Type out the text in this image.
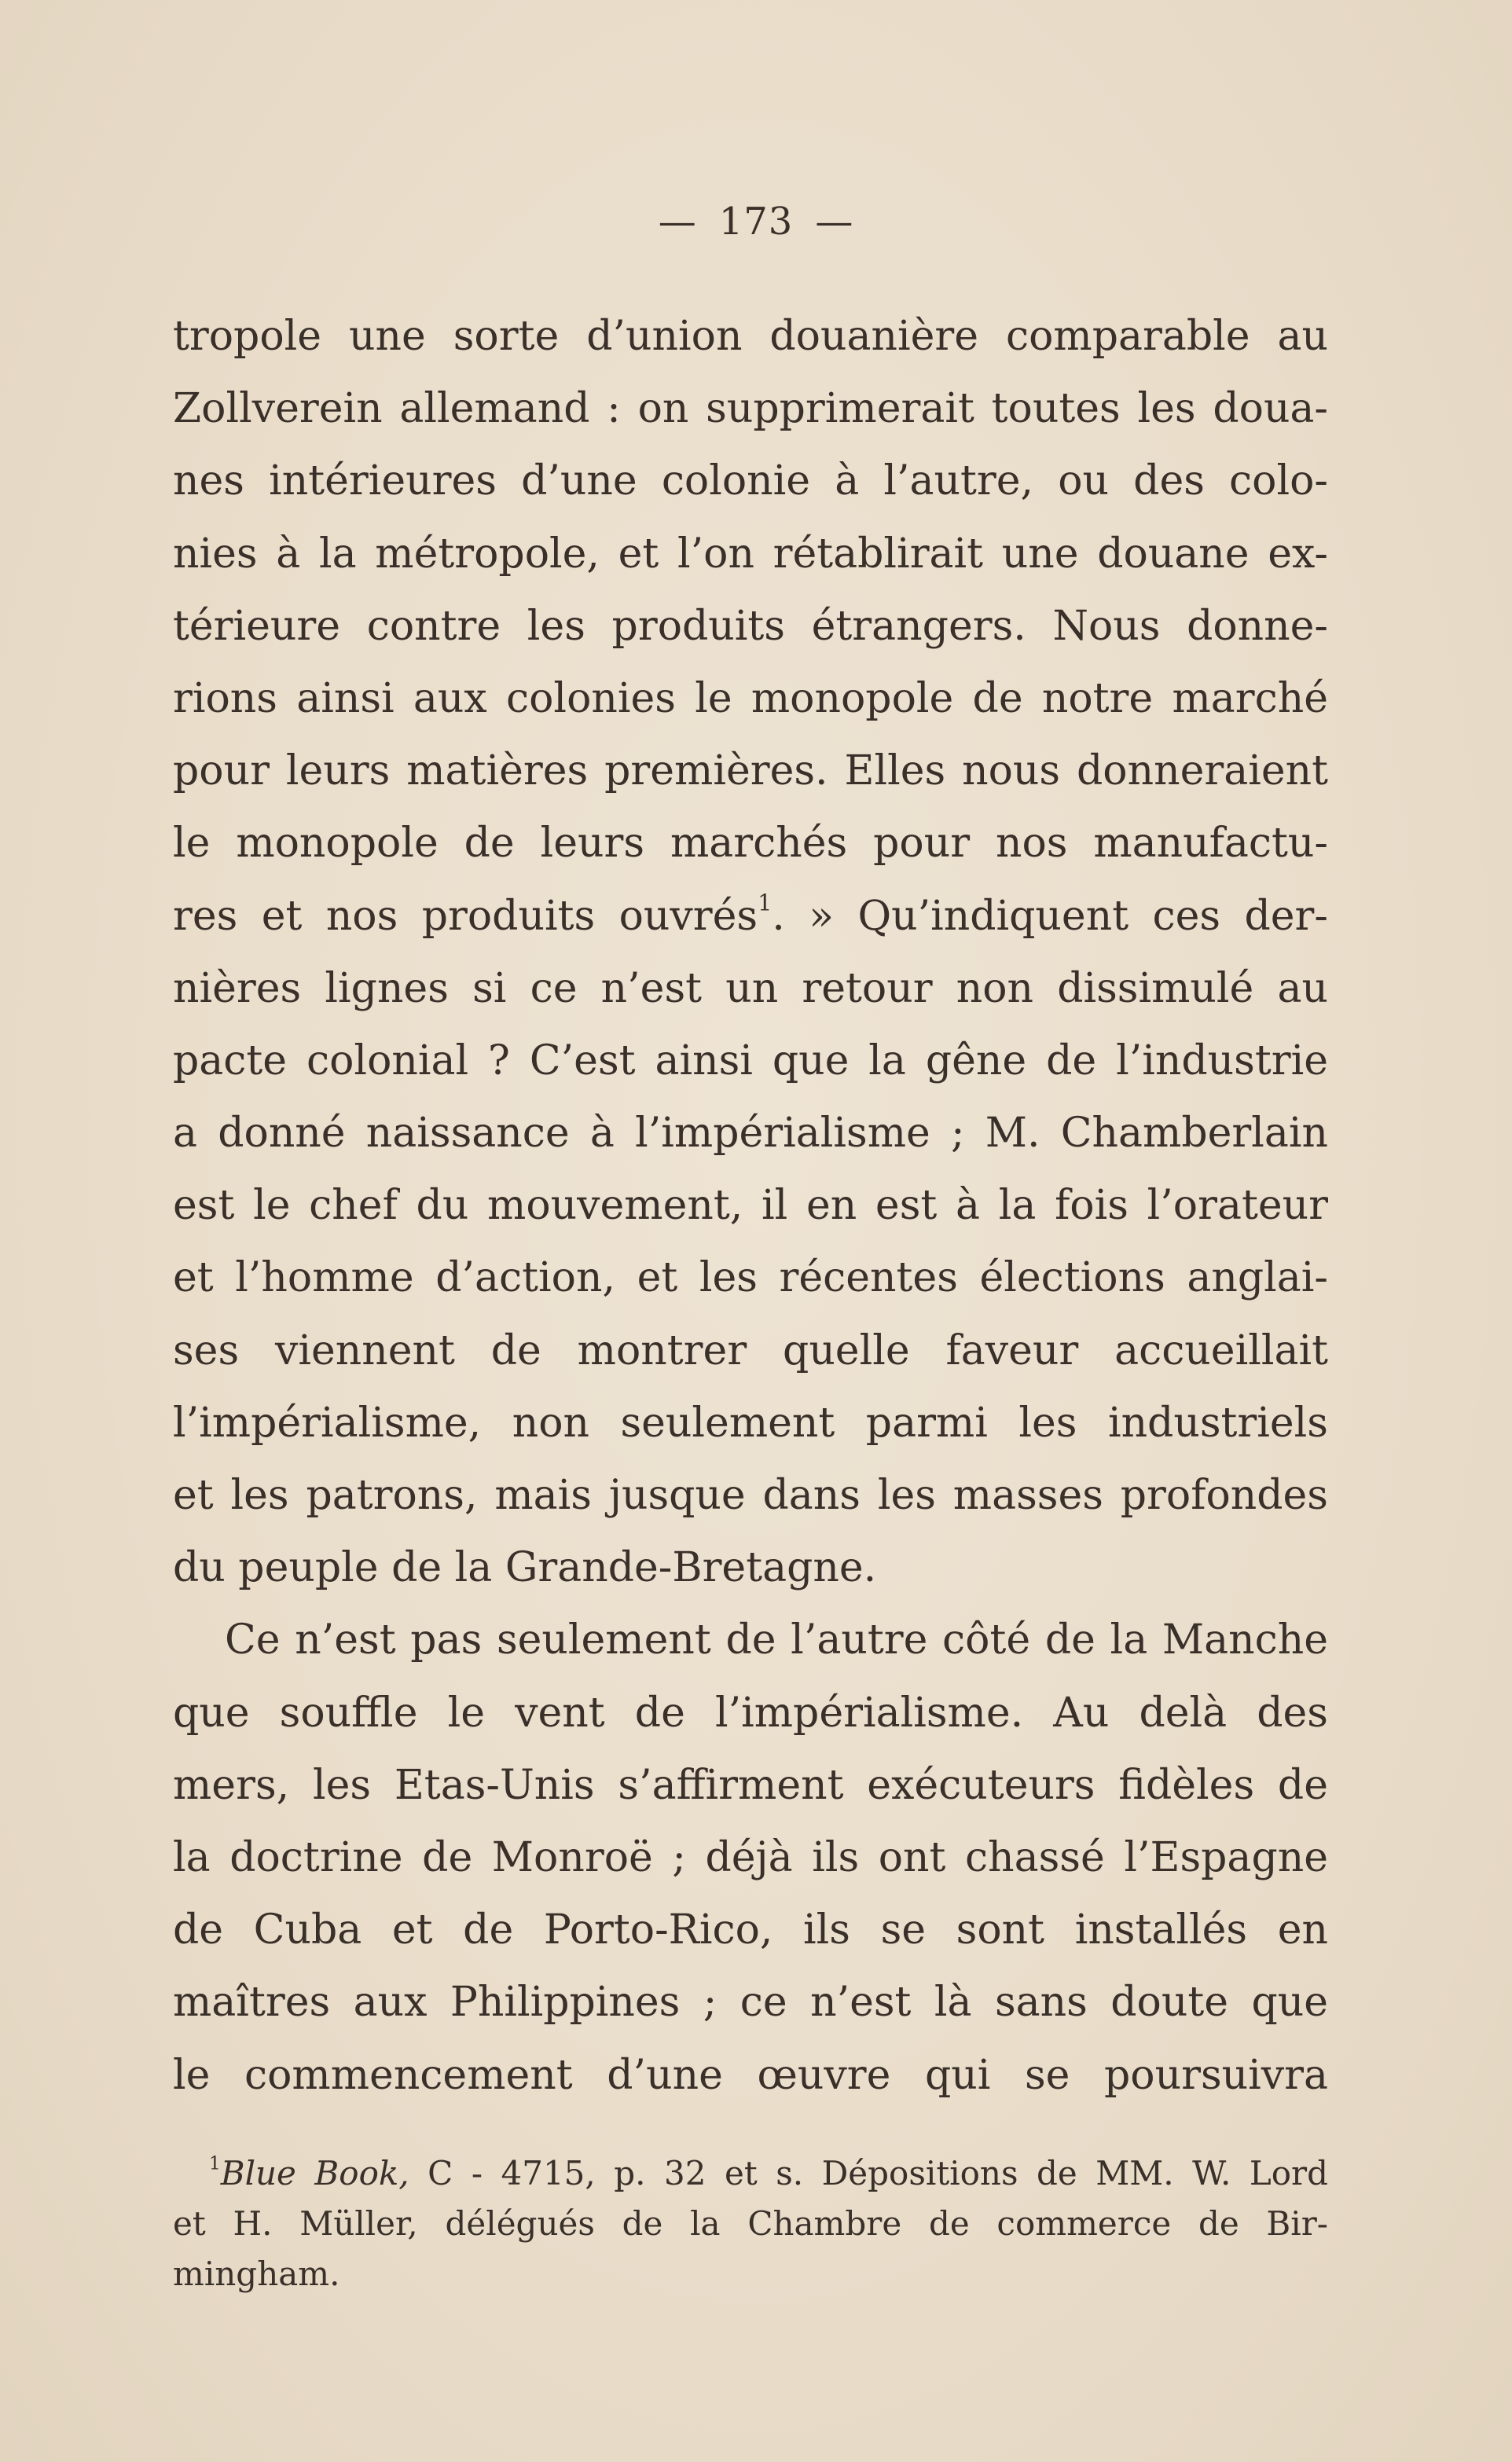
— 173 —
tropole une sorte d’union douanière comparable au
Zollverein allemand : on supprimerait toutes les doua-
nes intérieures d’une colonie à l’autre, ou des colo-
nies à la métropole, et l’on rétablirait une douane ex-
térieure contre les produits étrangers. Nous donne-
rions ainsi aux colonies le monopole de notre marché
pour leurs matières premières. Elles nous donneraient
le monopole de leurs marchés pour nos manufactu-
res et nos produits ouvrés$^1$. » Qu’indiquent ces der-
nières lignes si ce n’est un retour non dissimulé au
pacte colonial ? C’est ainsi que la gêne de l’industrie
a donné naissance à l’impérialisme ; M. Chamberlain
est le chef du mouvement, il en est à la fois l’orateur
et l’homme d’action, et les récentes élections anglai-
ses viennent de montrer quelle faveur accueillait
l’impérialisme, non seulement parmi les industriels
et les patrons, mais jusque dans les masses profondes
du peuple de la Grande-Bretagne.
Ce n’est pas seulement de l’autre côté de la Manche
que souffle le vent de l’impérialisme. Au delà des
mers, les Etas-Unis s’affirment exécuteurs fidèles de
la doctrine de Monroë ; déjà ils ont chassé l’Espagne
de Cuba et de Porto-Rico, ils se sont installés en
maîtres aux Philippines ; ce n’est là sans doute que
le commencement d’une œuvre qui se poursuivra
$^1$Blue Book, C - 4715, p. 32 et s. Dépositions de MM. W. Lord
et H. Müller, délégués de la Chambre de commerce de Bir-
mingham.
